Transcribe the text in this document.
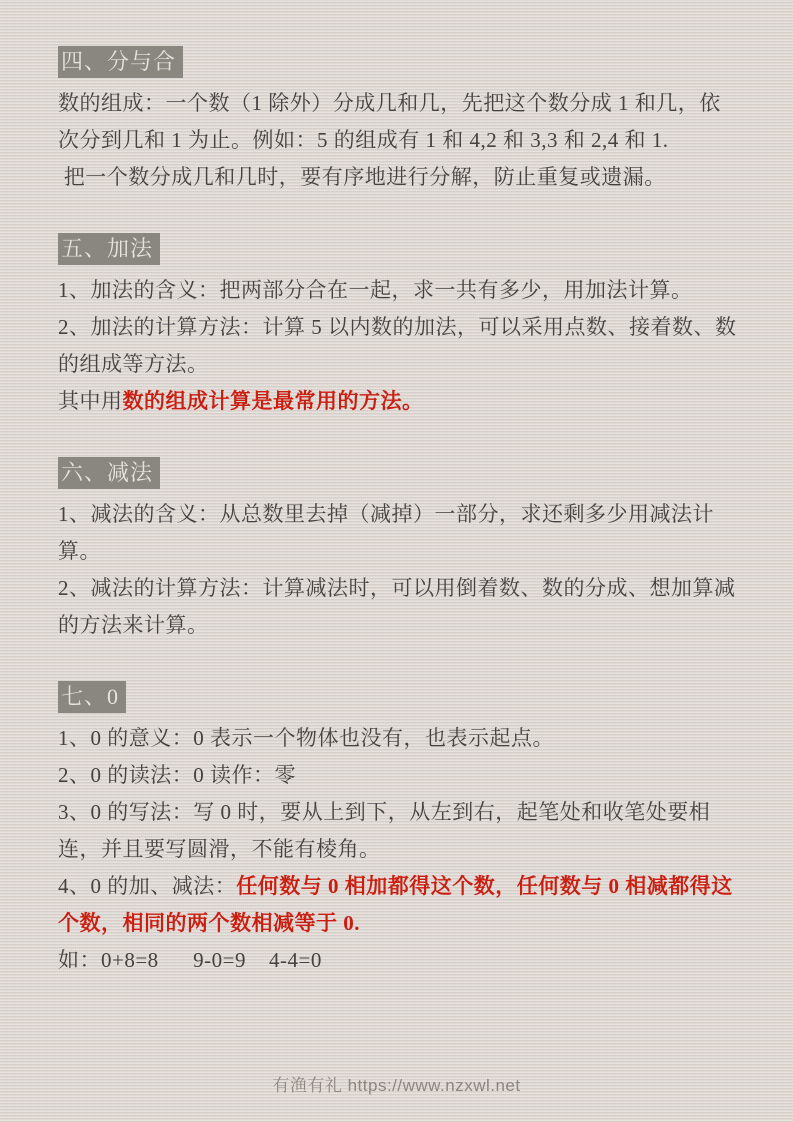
四、分与合
数的组成：一个数（1 除外）分成几和几，先把这个数分成 1 和几，依次分到几和 1 为止。例如：5 的组成有 1 和 4,2 和 3,3 和 2,4 和 1.
把一个数分成几和几时，要有序地进行分解，防止重复或遗漏。
五、加法
1、加法的含义：把两部分合在一起，求一共有多少，用加法计算。
2、加法的计算方法：计算 5 以内数的加法，可以采用点数、接着数、数的组成等方法。
其中用数的组成计算是最常用的方法。
六、减法
1、减法的含义：从总数里去掉（减掉）一部分，求还剩多少用减法计算。
2、减法的计算方法：计算减法时，可以用倒着数、数的分成、想加算减的方法来计算。
七、0
1、0 的意义：0 表示一个物体也没有，也表示起点。
2、0 的读法：0 读作：零
3、0 的写法：写 0 时，要从上到下，从左到右，起笔处和收笔处要相连，并且要写圆滑，不能有棱角。
4、0 的加、减法：任何数与 0 相加都得这个数，任何数与 0 相减都得这个数，相同的两个数相减等于 0.
如：0+8=8      9-0=9    4-4=0
有渔有礼 https://www.nzxwl.net
